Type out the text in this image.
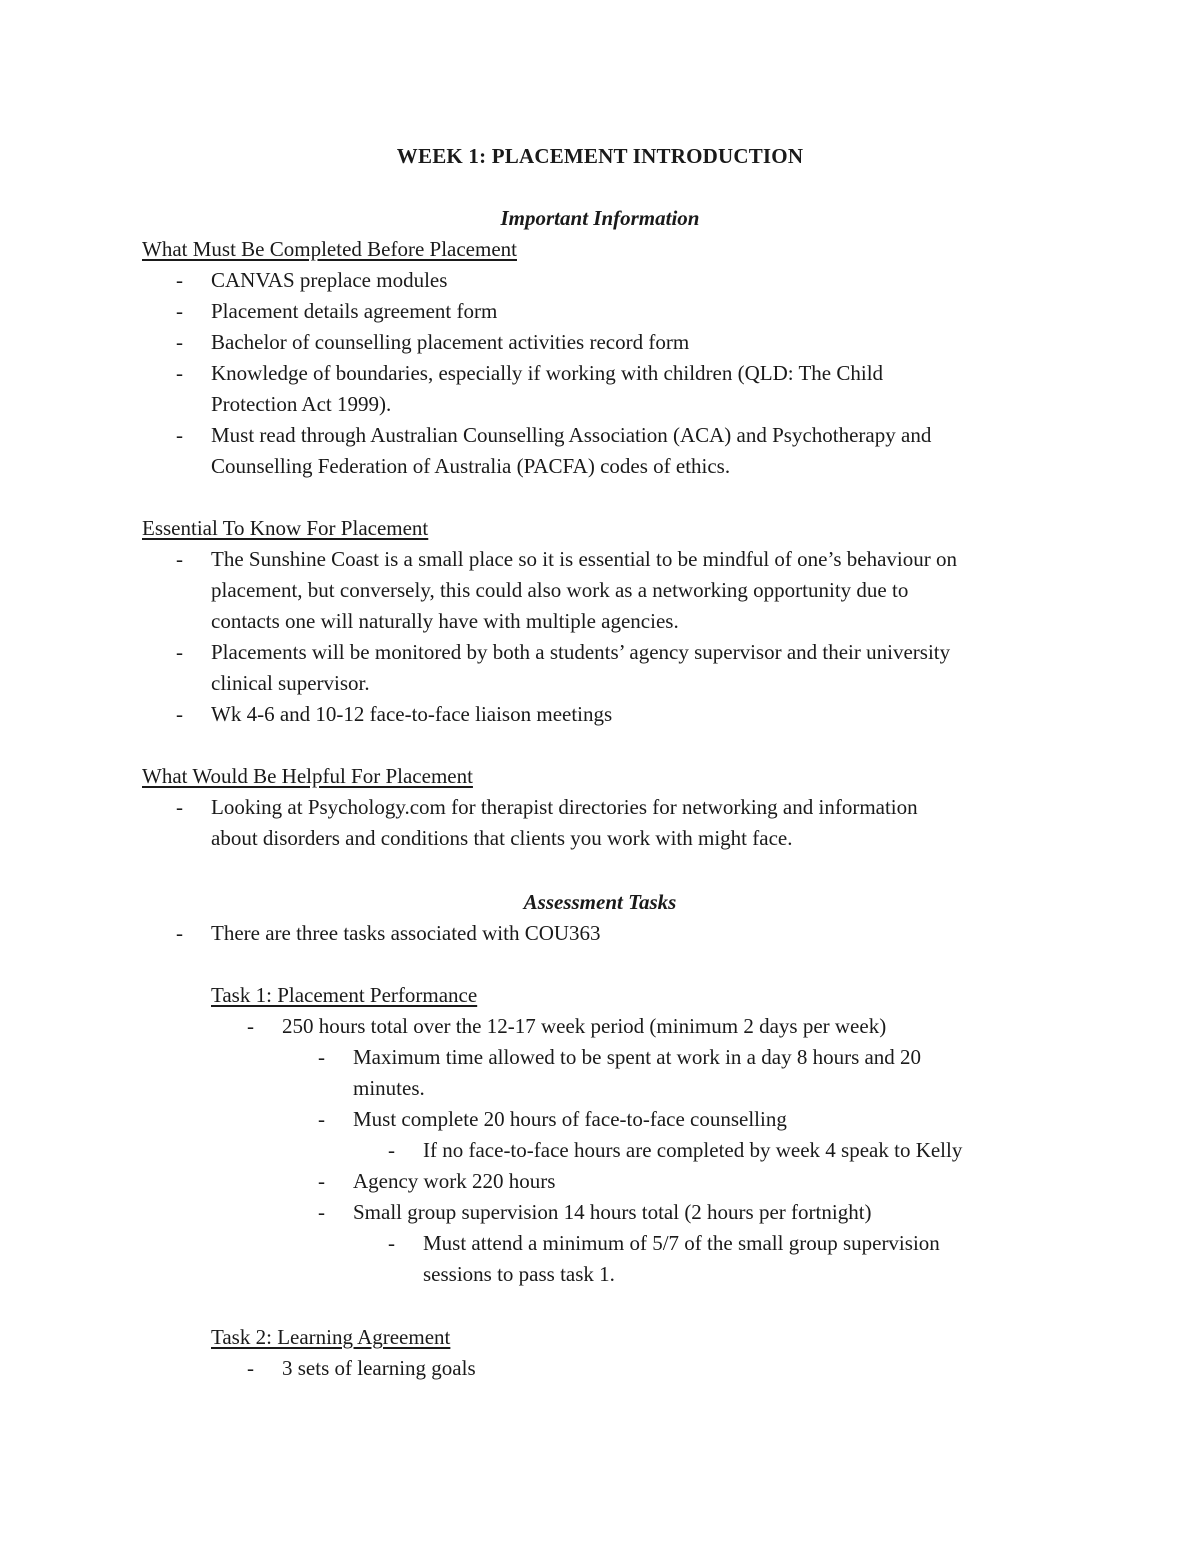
WEEK 1: PLACEMENT INTRODUCTION
Important Information
What Must Be Completed Before Placement
- CANVAS preplace modules
- Placement details agreement form
- Bachelor of counselling placement activities record form
- Knowledge of boundaries, especially if working with children (QLD: The Child
Protection Act 1999).
- Must read through Australian Counselling Association (ACA) and Psychotherapy and
Counselling Federation of Australia (PACFA) codes of ethics.
Essential To Know For Placement
- The Sunshine Coast is a small place so it is essential to be mindful of one’s behaviour on
placement, but conversely, this could also work as a networking opportunity due to
contacts one will naturally have with multiple agencies.
- Placements will be monitored by both a students’ agency supervisor and their university
clinical supervisor.
- Wk 4-6 and 10-12 face-to-face liaison meetings
What Would Be Helpful For Placement
- Looking at Psychology.com for therapist directories for networking and information
about disorders and conditions that clients you work with might face.
Assessment Tasks
- There are three tasks associated with COU363
Task 1: Placement Performance
- 250 hours total over the 12-17 week period (minimum 2 days per week)
- Maximum time allowed to be spent at work in a day 8 hours and 20
minutes.
- Must complete 20 hours of face-to-face counselling
- If no face-to-face hours are completed by week 4 speak to Kelly
- Agency work 220 hours
- Small group supervision 14 hours total (2 hours per fortnight)
- Must attend a minimum of 5/7 of the small group supervision
sessions to pass task 1.
Task 2: Learning Agreement
- 3 sets of learning goals
